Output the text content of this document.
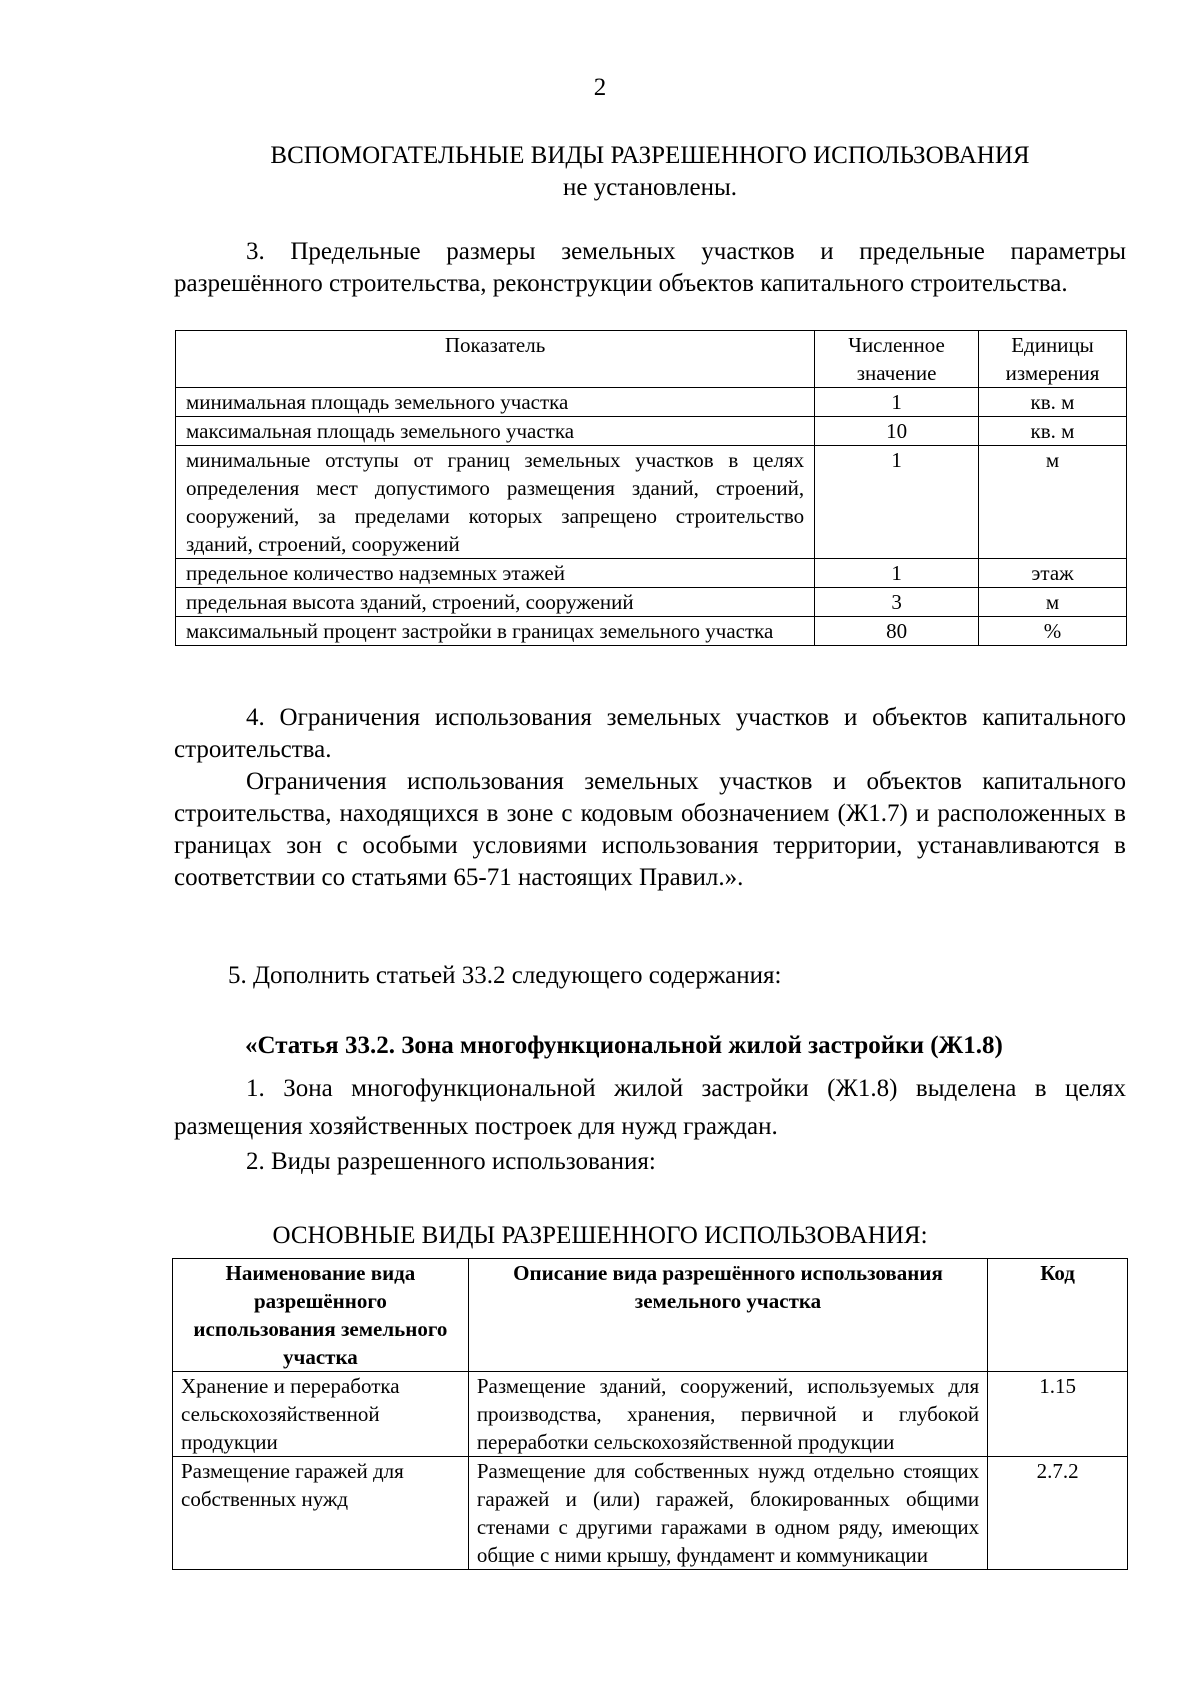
2
ВСПОМОГАТЕЛЬНЫЕ ВИДЫ РАЗРЕШЕННОГО ИСПОЛЬЗОВАНИЯ
не установлены.
3. Предельные размеры земельных участков и предельные параметры разрешённого строительства, реконструкции объектов капитального строительства.
Показатель	Численное значение	Единицы измерения
минимальная площадь земельного участка	1	кв. м
максимальная площадь земельного участка	10	кв. м
минимальные отступы от границ земельных участков в целях определения мест допустимого размещения зданий, строений, сооружений, за пределами которых запрещено строительство зданий, строений, сооружений	1	м
предельное количество надземных этажей	1	этаж
предельная высота зданий, строений, сооружений	3	м
максимальный процент застройки в границах земельного участка	80	%
4. Ограничения использования земельных участков и объектов капитального строительства.
Ограничения использования земельных участков и объектов капитального строительства, находящихся в зоне с кодовым обозначением (Ж1.7) и расположенных в границах зон с особыми условиями использования территории, устанавливаются в соответствии со статьями 65-71 настоящих Правил.».
5. Дополнить статьей 33.2 следующего содержания:
«Статья 33.2. Зона многофункциональной жилой застройки (Ж1.8)
1. Зона многофункциональной жилой застройки (Ж1.8) выделена в целях размещения хозяйственных построек для нужд граждан.
2. Виды разрешенного использования:
ОСНОВНЫЕ ВИДЫ РАЗРЕШЕННОГО ИСПОЛЬЗОВАНИЯ:
Наименование вида разрешённого использования земельного участка	Описание вида разрешённого использования земельного участка	Код
Хранение и переработка сельскохозяйственной продукции	Размещение зданий, сооружений, используемых для производства, хранения, первичной и глубокой переработки сельскохозяйственной продукции	1.15
Размещение гаражей для собственных нужд	Размещение для собственных нужд отдельно стоящих гаражей и (или) гаражей, блокированных общими стенами с другими гаражами в одном ряду, имеющих общие с ними крышу, фундамент и коммуникации	2.7.2
